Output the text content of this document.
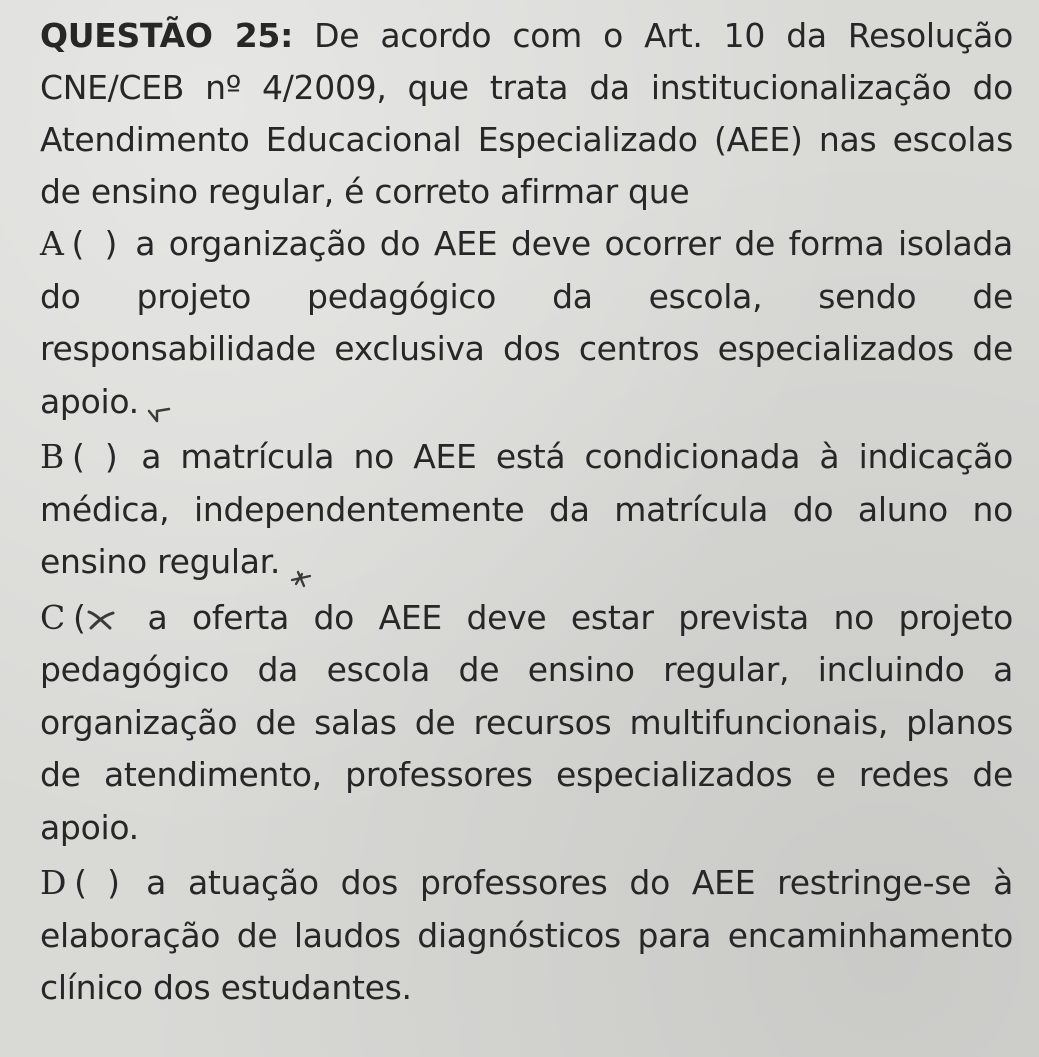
QUESTÃO 25: De acordo com o Art. 10 da Resolução CNE/CEB nº 4/2009, que trata da institucionalização do Atendimento Educacional Especializado (AEE) nas escolas de ensino regular, é correto afirmar que

A ( ) a organização do AEE deve ocorrer de forma isolada do projeto pedagógico da escola, sendo de responsabilidade exclusiva dos centros especializados de apoio.

B ( ) a matrícula no AEE está condicionada à indicação médica, independentemente da matrícula do aluno no ensino regular.

C ( a oferta do AEE deve estar prevista no projeto pedagógico da escola de ensino regular, incluindo a organização de salas de recursos multifuncionais, planos de atendimento, professores especializados e redes de apoio.

D ( ) a atuação dos professores do AEE restringe-se à elaboração de laudos diagnósticos para encaminhamento clínico dos estudantes.
